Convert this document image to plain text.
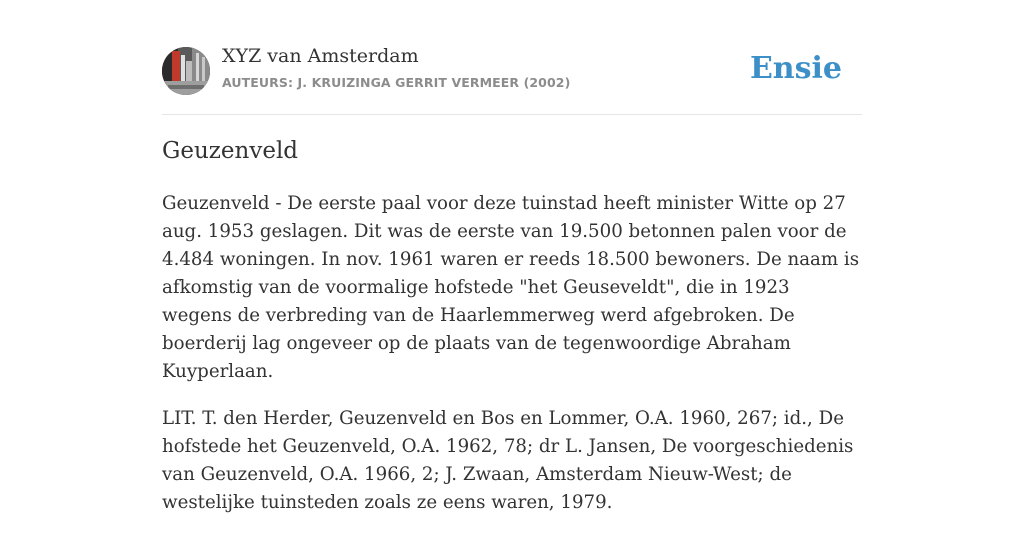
XYZ van Amsterdam
AUTEURS: J. KRUIZINGA GERRIT VERMEER (2002)	Ensie
Geuzenveld

Geuzenveld - De eerste paal voor deze tuinstad heeft minister Witte op 27 aug. 1953 geslagen. Dit was de eerste van 19.500 betonnen palen voor de 4.484 woningen. In nov. 1961 waren er reeds 18.500 bewoners. De naam is afkomstig van de voormalige hofstede "het Geuseveldt", die in 1923 wegens de verbreding van de Haarlemmerweg werd afgebroken. De boerderij lag ongeveer op de plaats van de tegenwoordige Abraham Kuyperlaan.

LIT. T. den Herder, Geuzenveld en Bos en Lommer, O.A. 1960, 267; id., De hofstede het Geuzenveld, O.A. 1962, 78; dr L. Jansen, De voorgeschiedenis van Geuzenveld, O.A. 1966, 2; J. Zwaan, Amsterdam Nieuw-West; de westelijke tuinsteden zoals ze eens waren, 1979.
